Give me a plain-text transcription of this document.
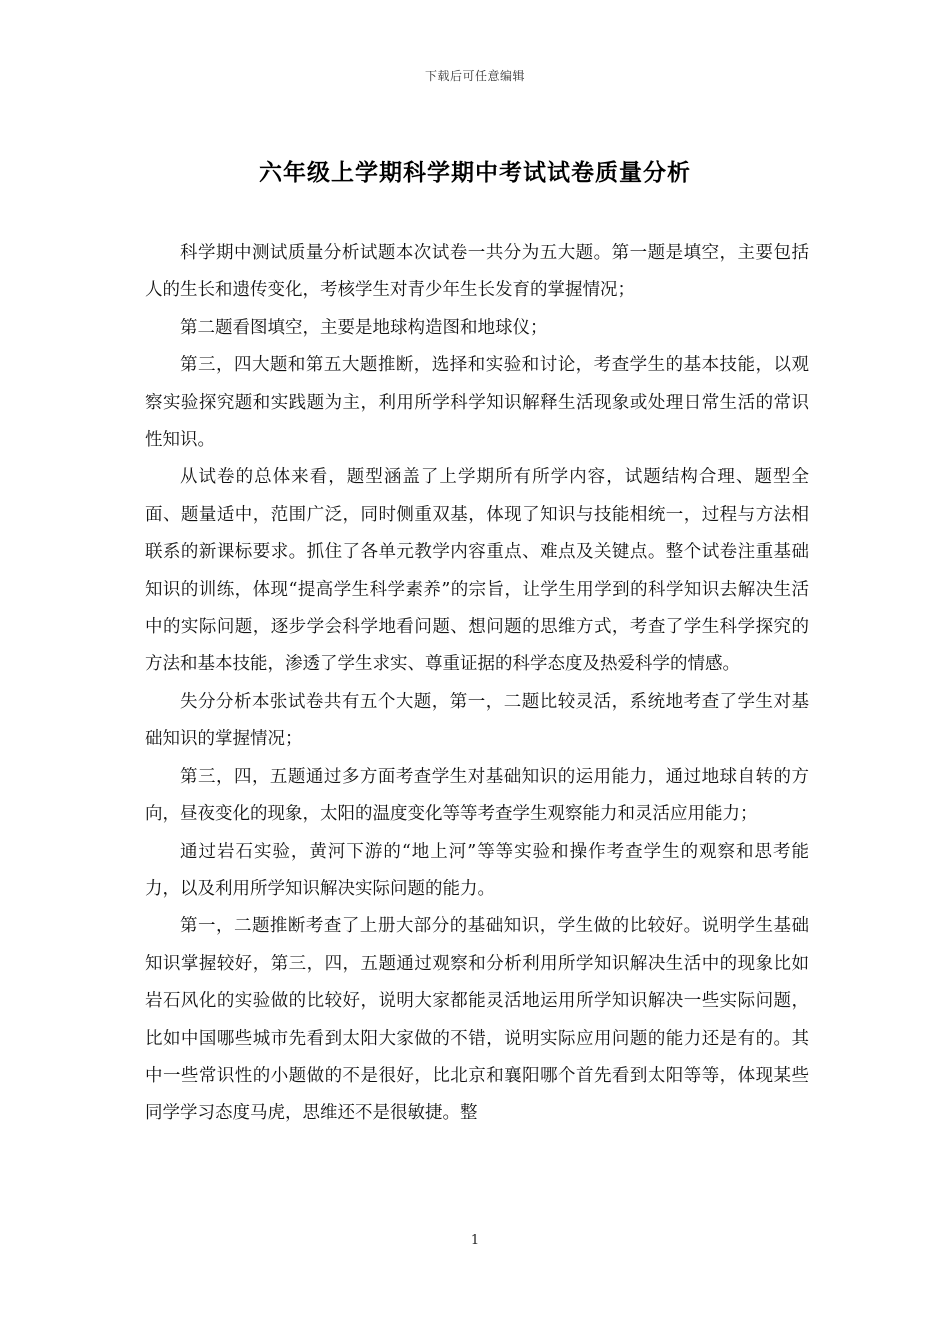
下载后可任意编辑
六年级上学期科学期中考试试卷质量分析

科学期中测试质量分析试题本次试卷一共分为五大题。第一题是填空，主要包括人的生长和遗传变化，考核学生对青少年生长发育的掌握情况；

第二题看图填空，主要是地球构造图和地球仪；

第三，四大题和第五大题推断，选择和实验和讨论，考查学生的基本技能，以观察实验探究题和实践题为主，利用所学科学知识解释生活现象或处理日常生活的常识性知识。

从试卷的总体来看，题型涵盖了上学期所有所学内容，试题结构合理、题型全面、题量适中，范围广泛，同时侧重双基，体现了知识与技能相统一，过程与方法相联系的新课标要求。抓住了各单元教学内容重点、难点及关键点。整个试卷注重基础知识的训练，体现“提高学生科学素养”的宗旨，让学生用学到的科学知识去解决生活中的实际问题，逐步学会科学地看问题、想问题的思维方式，考查了学生科学探究的方法和基本技能，渗透了学生求实、尊重证据的科学态度及热爱科学的情感。

失分分析本张试卷共有五个大题，第一，二题比较灵活，系统地考查了学生对基础知识的掌握情况；

第三，四，五题通过多方面考查学生对基础知识的运用能力，通过地球自转的方向，昼夜变化的现象，太阳的温度变化等等考查学生观察能力和灵活应用能力；

通过岩石实验，黄河下游的“地上河”等等实验和操作考查学生的观察和思考能力，以及利用所学知识解决实际问题的能力。

第一，二题推断考查了上册大部分的基础知识，学生做的比较好。说明学生基础知识掌握较好，第三，四，五题通过观察和分析利用所学知识解决生活中的现象比如岩石风化的实验做的比较好，说明大家都能灵活地运用所学知识解决一些实际问题，比如中国哪些城市先看到太阳大家做的不错，说明实际应用问题的能力还是有的。其中一些常识性的小题做的不是很好，比北京和襄阳哪个首先看到太阳等等，体现某些同学学习态度马虎，思维还不是很敏捷。整

1
